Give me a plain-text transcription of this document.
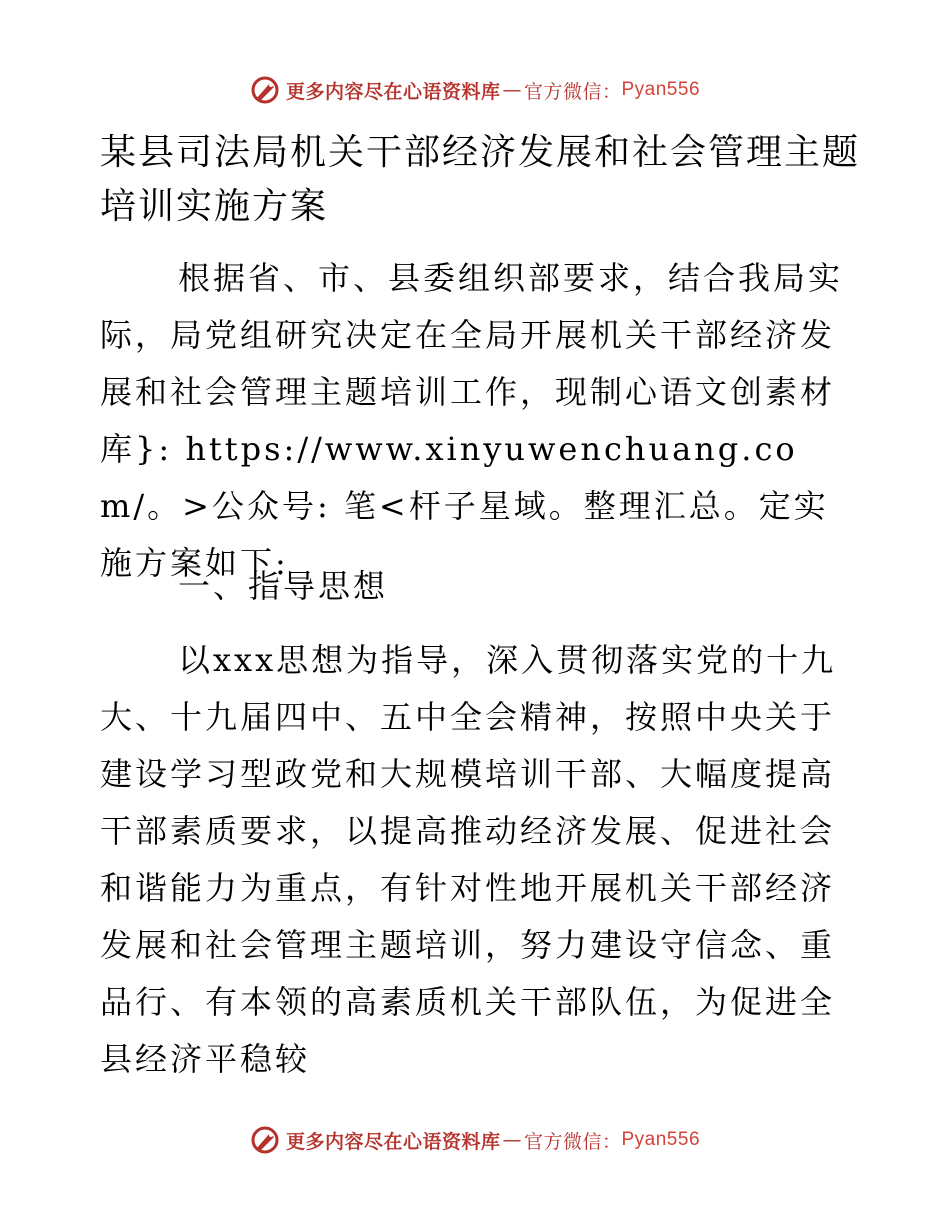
更多内容尽在心语资料库 — 官方微信： Pyan556
某县司法局机关干部经济发展和社会管理主题培训实施方案

根据省、市、县委组织部要求，结合我局实际，局党组研究决定在全局开展机关干部经济发展和社会管理主题培训工作，现制心语文创素材库}: https://www.xinyuwenchuang.com/。>公众号: 笔<杆子星域。整理汇总。定实施方案如下:

一、指导思想

以xxx思想为指导，深入贯彻落实党的十九大、十九届四中、五中全会精神，按照中央关于建设学习型政党和大规模培训干部、大幅度提高干部素质要求，以提高推动经济发展、促进社会和谐能力为重点，有针对性地开展机关干部经济发展和社会管理主题培训，努力建设守信念、重品行、有本领的高素质机关干部队伍，为促进全县经济平稳较

更多内容尽在心语资料库 — 官方微信： Pyan556
